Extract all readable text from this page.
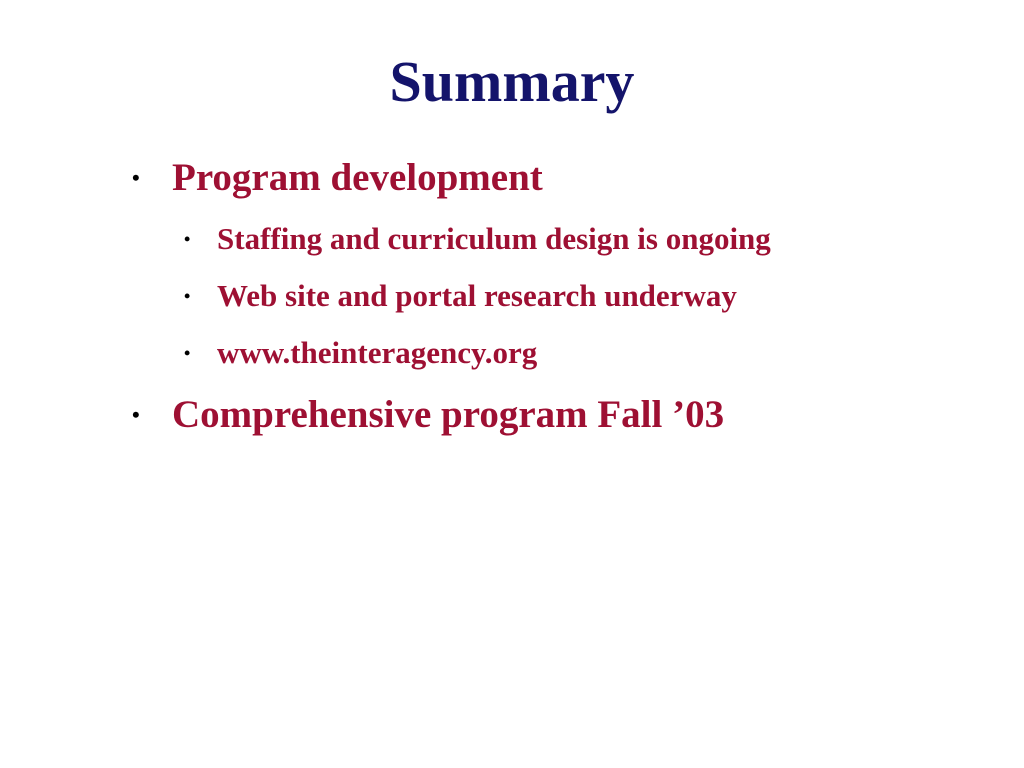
Summary
• Program development
• Staffing and curriculum design is ongoing
• Web site and portal research underway
• www.theinteragency.org
• Comprehensive program Fall ’03
